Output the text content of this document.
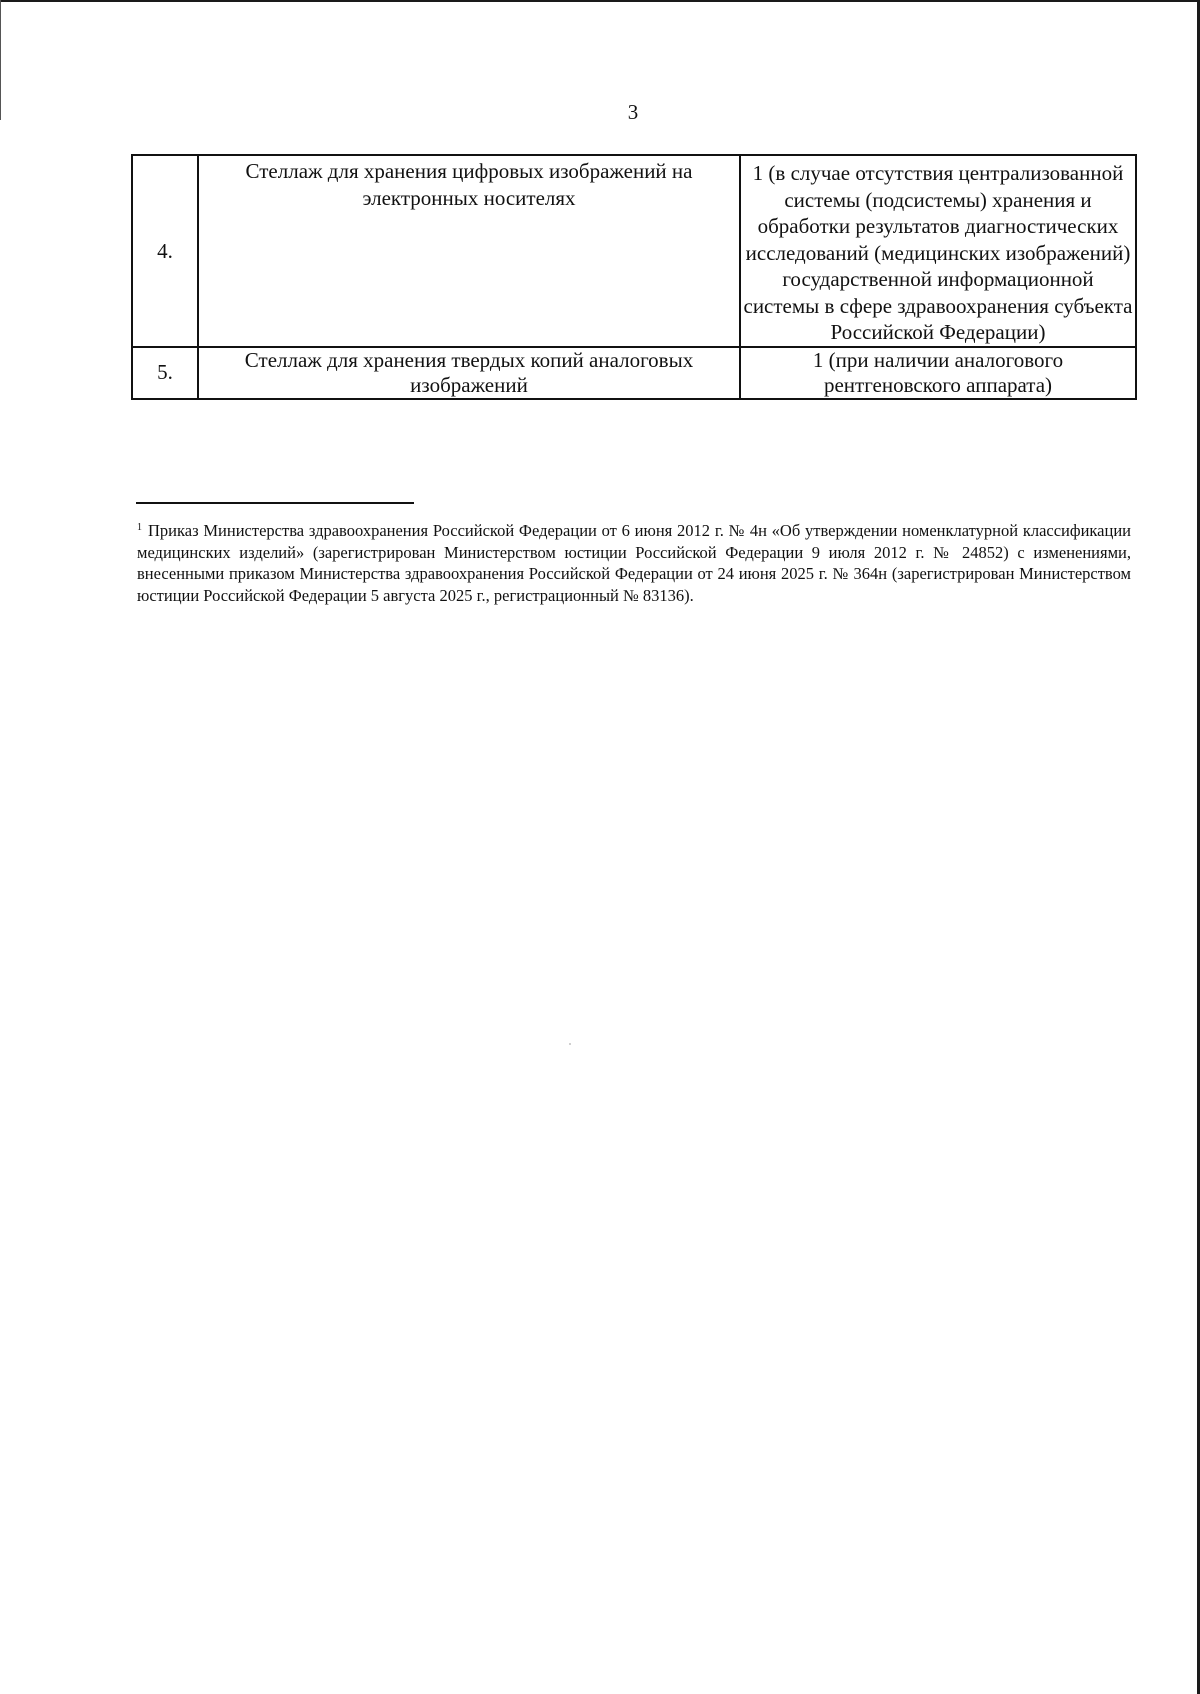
3
4.	Стеллаж для хранения цифровых изображений на электронных носителях	1 (в случае отсутствия централизованной системы (подсистемы) хранения и обработки результатов диагностических исследований (медицинских изображений) государственной информационной системы в сфере здравоохранения субъекта Российской Федерации)
5.	Стеллаж для хранения твердых копий аналоговых изображений	1 (при наличии аналогового рентгеновского аппарата)
$^1$ Приказ Министерства здравоохранения Российской Федерации от 6 июня 2012 г. № 4н «Об утверждении номенклатурной классификации медицинских изделий» (зарегистрирован Министерством юстиции Российской Федерации 9 июля 2012 г. № 24852) с изменениями, внесенными приказом Министерства здравоохранения Российской Федерации от 24 июня 2025 г. № 364н (зарегистрирован Министерством юстиции Российской Федерации 5 августа 2025 г., регистрационный № 83136).
